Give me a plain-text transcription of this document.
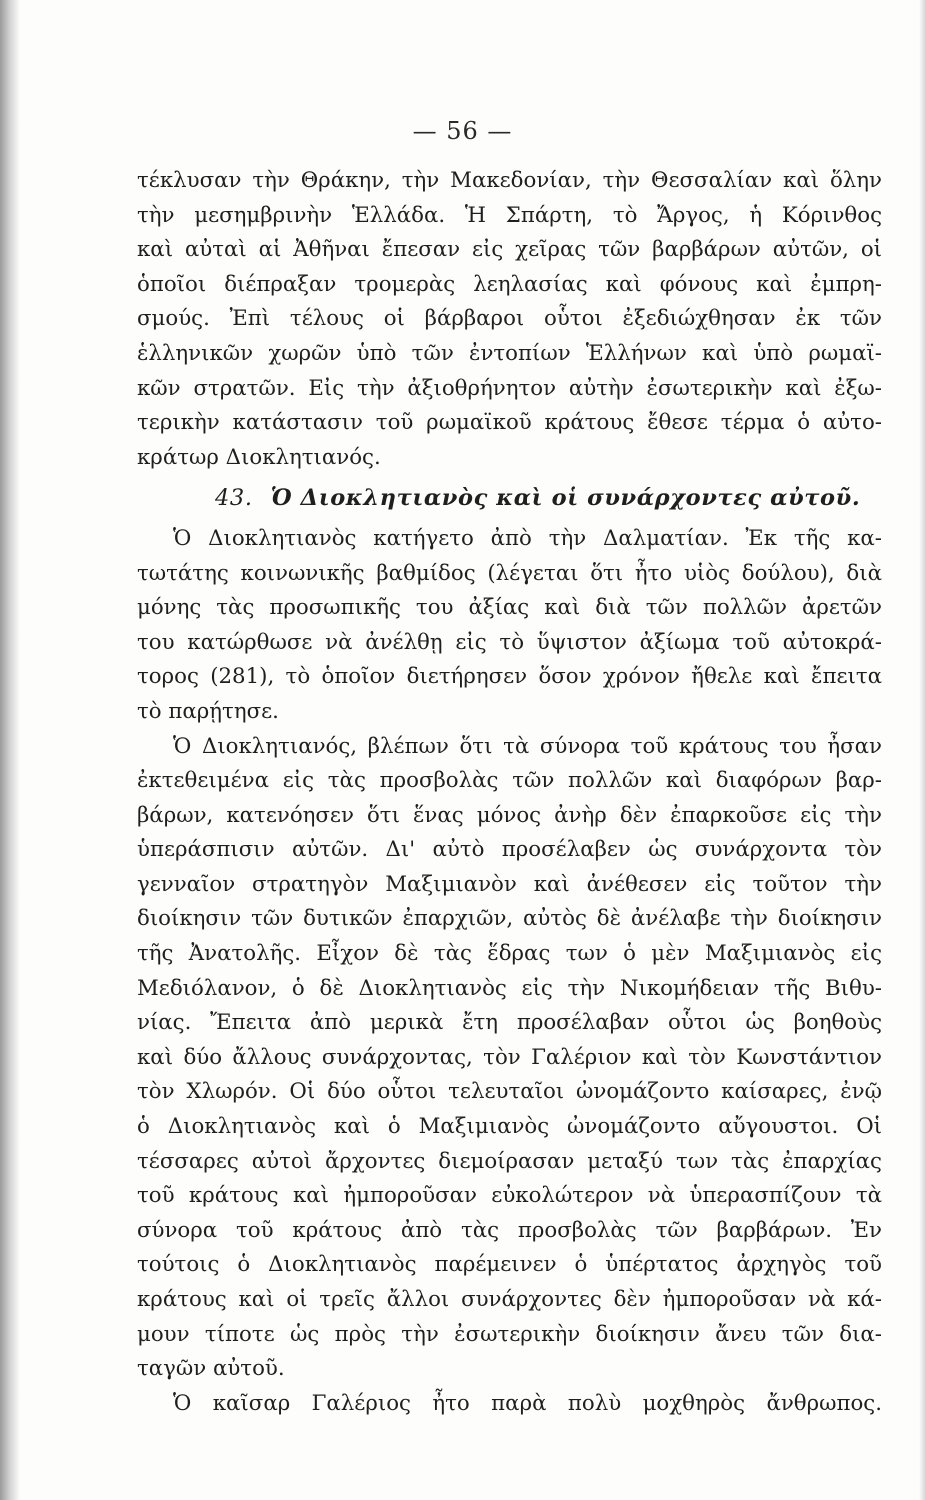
— 56 —
τέκλυσαν τὴν Θράκην, τὴν Μακεδονίαν, τὴν Θεσσαλίαν καὶ ὅλην
τὴν μεσημβρινὴν Ἑλλάδα. Ἡ Σπάρτη, τὸ Ἄργος, ἡ Κόρινθος
καὶ αὐταὶ αἱ Ἀθῆναι ἔπεσαν εἰς χεῖρας τῶν βαρβάρων αὐτῶν, οἱ
ὁποῖοι διέπραξαν τρομερὰς λεηλασίας καὶ φόνους καὶ ἐμπρη-
σμούς. Ἐπὶ τέλους οἱ βάρβαροι οὗτοι ἐξεδιώχθησαν ἐκ τῶν
ἑλληνικῶν χωρῶν ὑπὸ τῶν ἐντοπίων Ἑλλήνων καὶ ὑπὸ ρωμαϊ-
κῶν στρατῶν. Εἰς τὴν ἀξιοθρήνητον αὐτὴν ἐσωτερικὴν καὶ ἐξω-
τερικὴν κατάστασιν τοῦ ρωμαϊκοῦ κράτους ἔθεσε τέρμα ὁ αὐτο-
κράτωρ Διοκλητιανός.
43. Ὁ Διοκλητιανὸς καὶ οἱ συνάρχοντες αὐτοῦ.
Ὁ Διοκλητιανὸς κατήγετο ἀπὸ τὴν Δαλματίαν. Ἐκ τῆς κα-
τωτάτης κοινωνικῆς βαθμίδος (λέγεται ὅτι ἦτο υἱὸς δούλου), διὰ
μόνης τὰς προσωπικῆς του ἀξίας καὶ διὰ τῶν πολλῶν ἀρετῶν
του κατώρθωσε νὰ ἀνέλθῃ εἰς τὸ ὕψιστον ἀξίωμα τοῦ αὐτοκρά-
τορος (281), τὸ ὁποῖον διετήρησεν ὅσον χρόνον ἤθελε καὶ ἔπειτα
τὸ παρῄτησε.
Ὁ Διοκλητιανός, βλέπων ὅτι τὰ σύνορα τοῦ κράτους του ἦσαν
ἐκτεθειμένα εἰς τὰς προσβολὰς τῶν πολλῶν καὶ διαφόρων βαρ-
βάρων, κατενόησεν ὅτι ἕνας μόνος ἀνὴρ δὲν ἐπαρκοῦσε εἰς τὴν
ὑπεράσπισιν αὐτῶν. Δι' αὐτὸ προσέλαβεν ὡς συνάρχοντα τὸν
γενναῖον στρατηγὸν Μαξιμιανὸν καὶ ἀνέθεσεν εἰς τοῦτον τὴν
διοίκησιν τῶν δυτικῶν ἐπαρχιῶν, αὐτὸς δὲ ἀνέλαβε τὴν διοίκησιν
τῆς Ἀνατολῆς. Εἶχον δὲ τὰς ἕδρας των ὁ μὲν Μαξιμιανὸς εἰς
Μεδιόλανον, ὁ δὲ Διοκλητιανὸς εἰς τὴν Νικομήδειαν τῆς Βιθυ-
νίας. Ἔπειτα ἀπὸ μερικὰ ἔτη προσέλαβαν οὗτοι ὡς βοηθοὺς
καὶ δύο ἄλλους συνάρχοντας, τὸν Γαλέριον καὶ τὸν Κωνστάντιον
τὸν Χλωρόν. Οἱ δύο οὗτοι τελευταῖοι ὠνομάζοντο καίσαρες, ἐνῷ
ὁ Διοκλητιανὸς καὶ ὁ Μαξιμιανὸς ὠνομάζοντο αὔγουστοι. Οἱ
τέσσαρες αὐτοὶ ἄρχοντες διεμοίρασαν μεταξύ των τὰς ἐπαρχίας
τοῦ κράτους καὶ ἠμποροῦσαν εὐκολώτερον νὰ ὑπερασπίζουν τὰ
σύνορα τοῦ κράτους ἀπὸ τὰς προσβολὰς τῶν βαρβάρων. Ἐν
τούτοις ὁ Διοκλητιανὸς παρέμεινεν ὁ ὑπέρτατος ἀρχηγὸς τοῦ
κράτους καὶ οἱ τρεῖς ἄλλοι συνάρχοντες δὲν ἠμποροῦσαν νὰ κά-
μουν τίποτε ὡς πρὸς τὴν ἐσωτερικὴν διοίκησιν ἄνευ τῶν δια-
ταγῶν αὐτοῦ.
Ὁ καῖσαρ Γαλέριος ἦτο παρὰ πολὺ μοχθηρὸς ἄνθρωπος.
